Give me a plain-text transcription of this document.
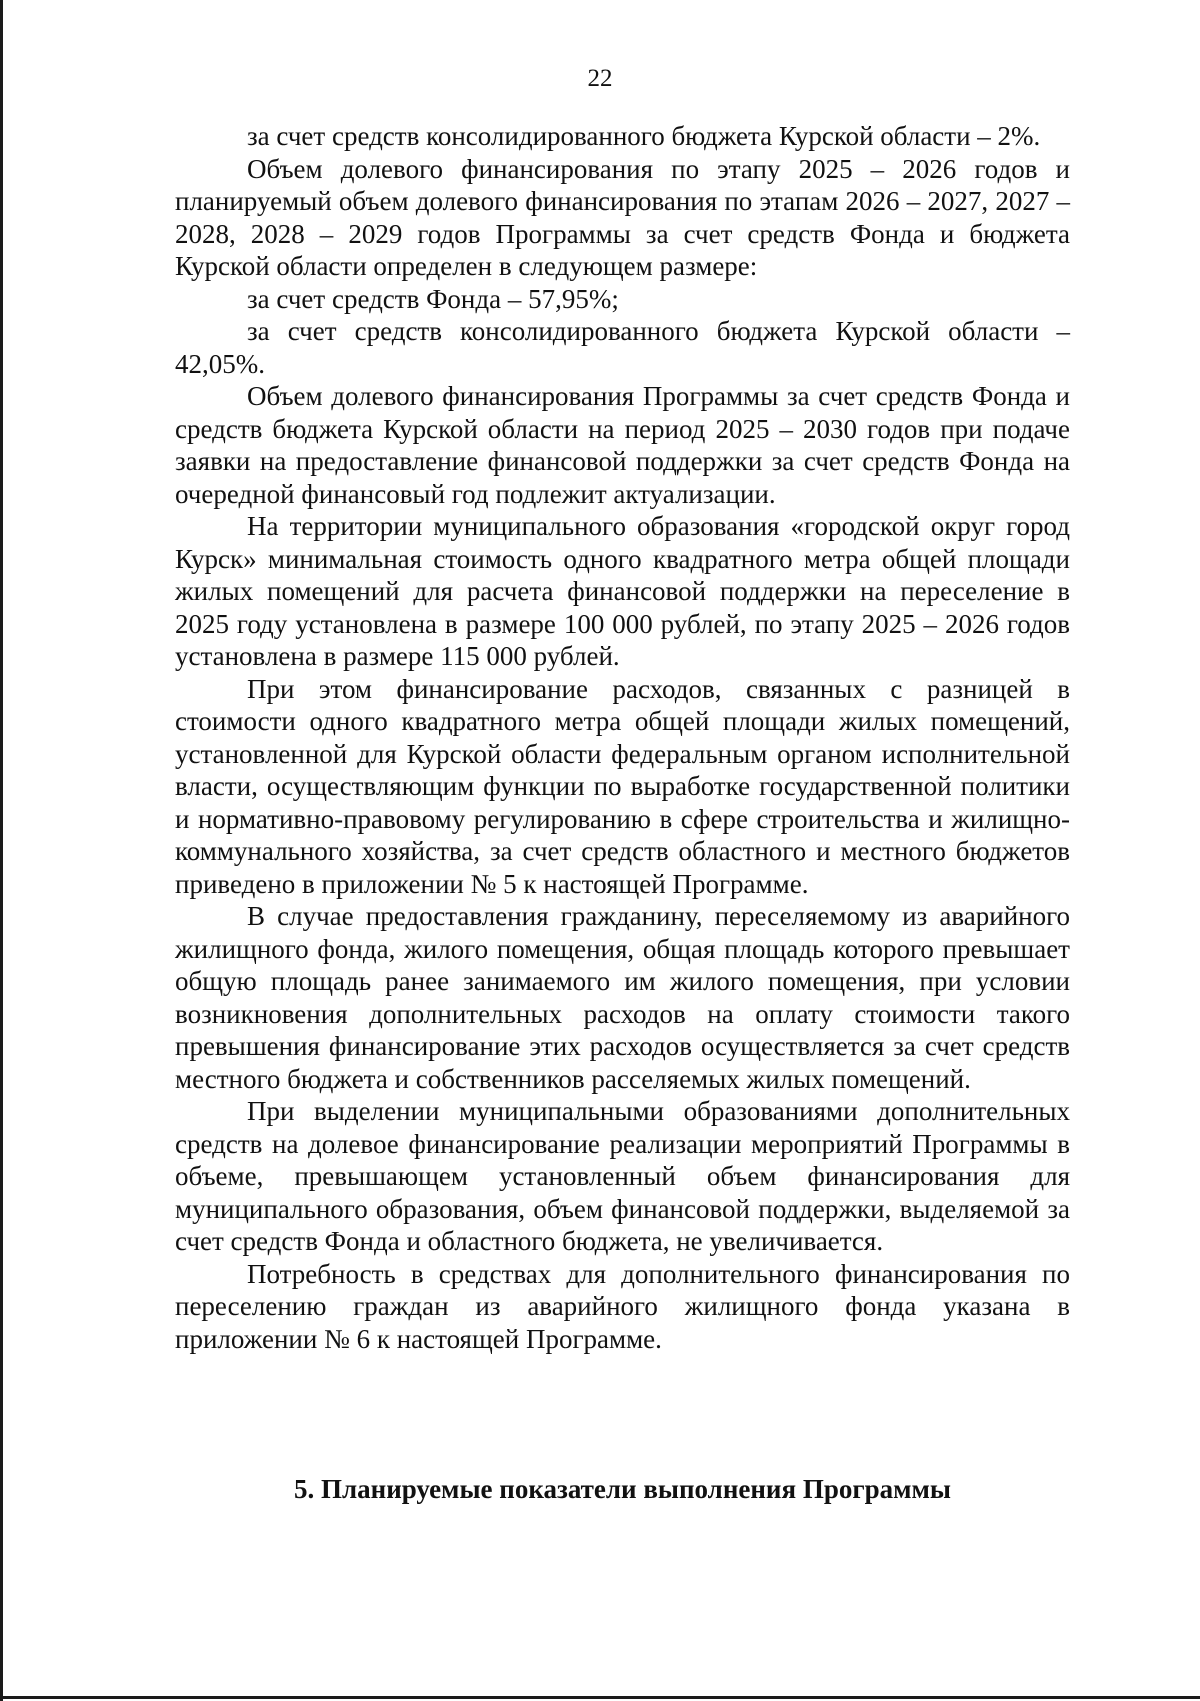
22

за счет средств консолидированного бюджета Курской области – 2%.

Объем долевого финансирования по этапу 2025 – 2026 годов и планируемый объем долевого финансирования по этапам 2026 – 2027, 2027 – 2028, 2028 – 2029 годов Программы за счет средств Фонда и бюджета Курской области определен в следующем размере:

за счет средств Фонда – 57,95%;

за счет средств консолидированного бюджета Курской области – 42,05%.

Объем долевого финансирования Программы за счет средств Фонда и средств бюджета Курской области на период 2025 – 2030 годов при подаче заявки на предоставление финансовой поддержки за счет средств Фонда на очередной финансовый год подлежит актуализации.

На территории муниципального образования «городской округ город Курск» минимальная стоимость одного квадратного метра общей площади жилых помещений для расчета финансовой поддержки на переселение в 2025 году установлена в размере 100 000 рублей, по этапу 2025 – 2026 годов установлена в размере 115 000 рублей.

При этом финансирование расходов, связанных с разницей в стоимости одного квадратного метра общей площади жилых помещений, установленной для Курской области федеральным органом исполнительной власти, осуществляющим функции по выработке государственной политики и нормативно-правовому регулированию в сфере строительства и жилищно-коммунального хозяйства, за счет средств областного и местного бюджетов приведено в приложении № 5 к настоящей Программе.

В случае предоставления гражданину, переселяемому из аварийного жилищного фонда, жилого помещения, общая площадь которого превышает общую площадь ранее занимаемого им жилого помещения, при условии возникновения дополнительных расходов на оплату стоимости такого превышения финансирование этих расходов осуществляется за счет средств местного бюджета и собственников расселяемых жилых помещений.

При выделении муниципальными образованиями дополнительных средств на долевое финансирование реализации мероприятий Программы в объеме, превышающем установленный объем финансирования для муниципального образования, объем финансовой поддержки, выделяемой за счет средств Фонда и областного бюджета, не увеличивается.

Потребность в средствах для дополнительного финансирования по переселению граждан из аварийного жилищного фонда указана в приложении № 6 к настоящей Программе.

5. Планируемые показатели выполнения Программы
